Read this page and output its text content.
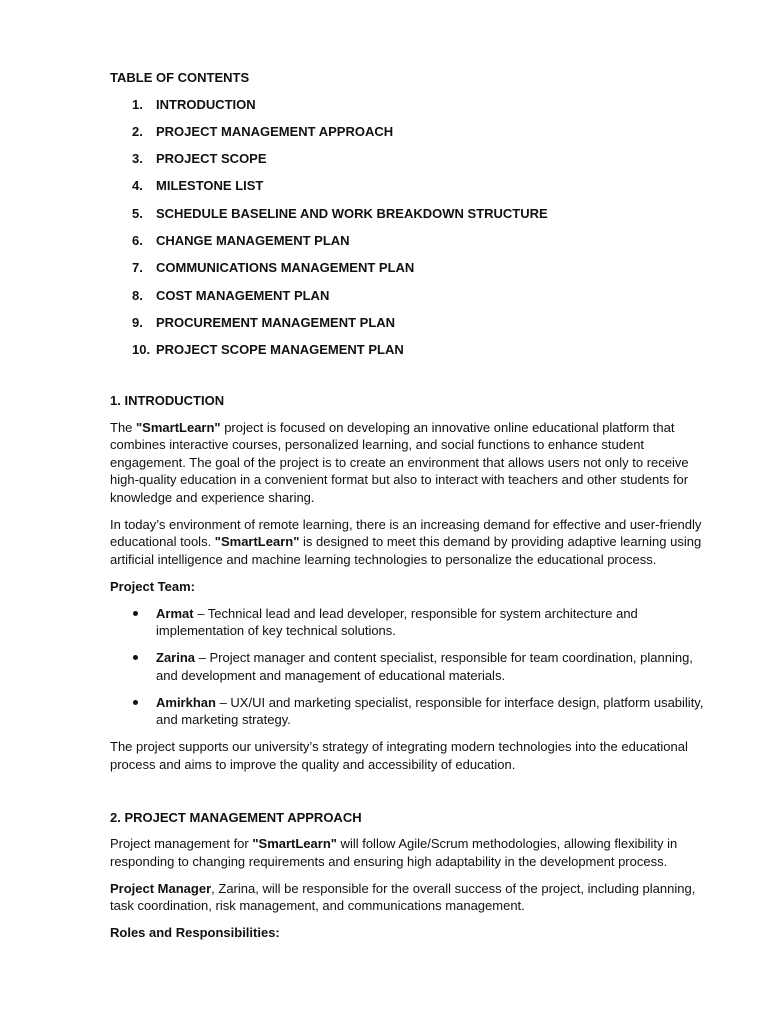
TABLE OF CONTENTS
1.	INTRODUCTION
2.	PROJECT MANAGEMENT APPROACH
3.	PROJECT SCOPE
4.	MILESTONE LIST
5.	SCHEDULE BASELINE AND WORK BREAKDOWN STRUCTURE
6.	CHANGE MANAGEMENT PLAN
7.	COMMUNICATIONS MANAGEMENT PLAN
8.	COST MANAGEMENT PLAN
9.	PROCUREMENT MANAGEMENT PLAN
10. PROJECT SCOPE MANAGEMENT PLAN
1. INTRODUCTION

The "SmartLearn" project is focused on developing an innovative online educational platform that combines interactive courses, personalized learning, and social functions to enhance student engagement. The goal of the project is to create an environment that allows users not only to receive high-quality education in a convenient format but also to interact with teachers and other students for knowledge and experience sharing.

In today’s environment of remote learning, there is an increasing demand for effective and user-friendly educational tools. "SmartLearn" is designed to meet this demand by providing adaptive learning using artificial intelligence and machine learning technologies to personalize the educational process.

Project Team:

Armat – Technical lead and lead developer, responsible for system architecture and implementation of key technical solutions.
Zarina – Project manager and content specialist, responsible for team coordination, planning, and development and management of educational materials.
Amirkhan – UX/UI and marketing specialist, responsible for interface design, platform usability, and marketing strategy.

The project supports our university’s strategy of integrating modern technologies into the educational process and aims to improve the quality and accessibility of education.

2. PROJECT MANAGEMENT APPROACH

Project management for "SmartLearn" will follow Agile/Scrum methodologies, allowing flexibility in responding to changing requirements and ensuring high adaptability in the development process.

Project Manager, Zarina, will be responsible for the overall success of the project, including planning, task coordination, risk management, and communications management.

Roles and Responsibilities:
